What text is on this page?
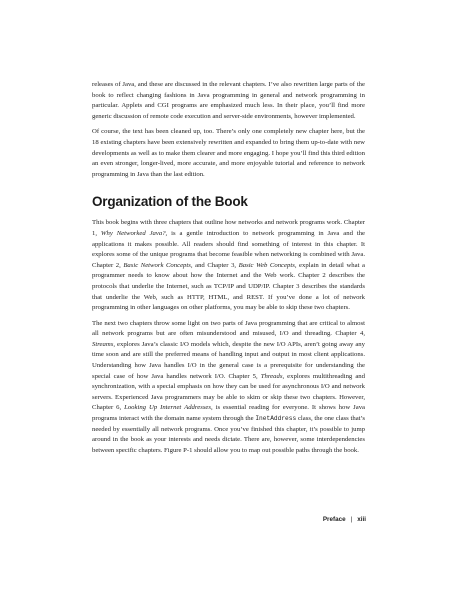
releases of Java, and these are discussed in the relevant chapters. I’ve also rewritten large parts of the book to reflect changing fashions in Java programming in general and network programming in particular. Applets and CGI programs are emphasized much less. In their place, you’ll find more generic discussion of remote code execution and server-side environments, however implemented.

Of course, the text has been cleaned up, too. There’s only one completely new chapter here, but the 18 existing chapters have been extensively rewritten and expanded to bring them up-to-date with new developments as well as to make them clearer and more engaging. I hope you’ll find this third edition an even stronger, longer-lived, more accurate, and more enjoyable tutorial and reference to network programming in Java than the last edition.

Organization of the Book

This book begins with three chapters that outline how networks and network programs work. Chapter 1, Why Networked Java?, is a gentle introduction to network programming in Java and the applications it makes possible. All readers should find something of interest in this chapter. It explores some of the unique programs that become feasible when networking is combined with Java. Chapter 2, Basic Network Concepts, and Chapter 3, Basic Web Concepts, explain in detail what a programmer needs to know about how the Internet and the Web work. Chapter 2 describes the protocols that underlie the Internet, such as TCP/IP and UDP/IP. Chapter 3 describes the standards that underlie the Web, such as HTTP, HTML, and REST. If you’ve done a lot of network programming in other languages on other platforms, you may be able to skip these two chapters.

The next two chapters throw some light on two parts of Java programming that are critical to almost all network programs but are often misunderstood and misused, I/O and threading. Chapter 4, Streams, explores Java’s classic I/O models which, despite the new I/O APIs, aren’t going away any time soon and are still the preferred means of handling input and output in most client applications. Understanding how Java handles I/O in the general case is a prerequisite for understanding the special case of how Java handles network I/O. Chapter 5, Threads, explores multithreading and synchronization, with a special emphasis on how they can be used for asynchronous I/O and network servers. Experienced Java programmers may be able to skim or skip these two chapters. However, Chapter 6, Looking Up Internet Addresses, is essential reading for everyone. It shows how Java programs interact with the domain name system through the InetAddress class, the one class that’s needed by essentially all network programs. Once you’ve finished this chapter, it’s possible to jump around in the book as your interests and needs dictate. There are, however, some interdependencies between specific chapters. Figure P-1 should allow you to map out possible paths through the book.

Preface | xiii
